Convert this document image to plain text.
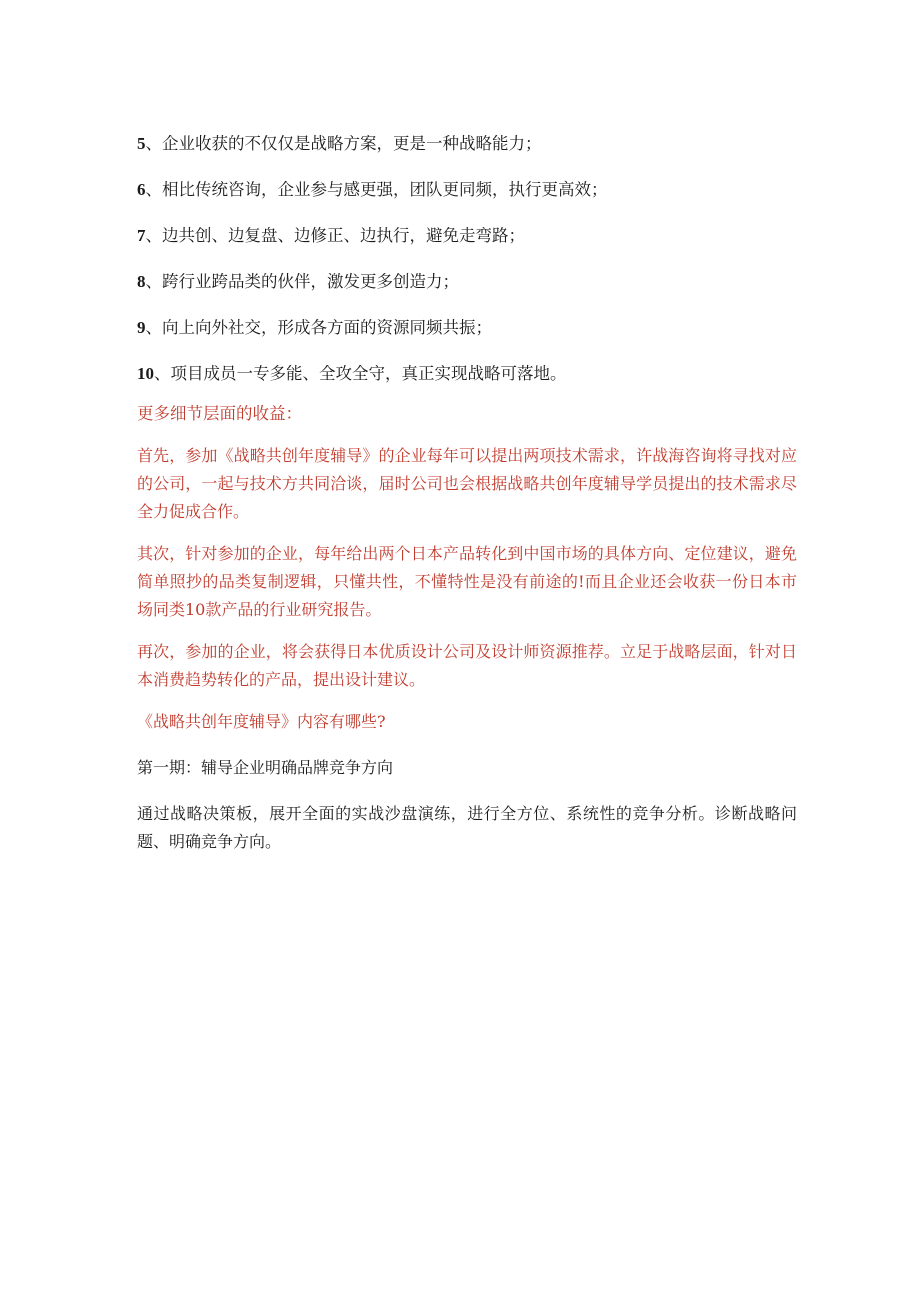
5、企业收获的不仅仅是战略方案，更是一种战略能力；

6、相比传统咨询，企业参与感更强，团队更同频，执行更高效；

7、边共创、边复盘、边修正、边执行，避免走弯路；

8、跨行业跨品类的伙伴，激发更多创造力；

9、向上向外社交，形成各方面的资源同频共振；

10、项目成员一专多能、全攻全守，真正实现战略可落地。

更多细节层面的收益：

首先，参加《战略共创年度辅导》的企业每年可以提出两项技术需求，许战海咨询将寻找对应的公司，一起与技术方共同洽谈，届时公司也会根据战略共创年度辅导学员提出的技术需求尽全力促成合作。

其次，针对参加的企业，每年给出两个日本产品转化到中国市场的具体方向、定位建议，避免简单照抄的品类复制逻辑，只懂共性，不懂特性是没有前途的!而且企业还会收获一份日本市场同类10款产品的行业研究报告。

再次，参加的企业，将会获得日本优质设计公司及设计师资源推荐。立足于战略层面，针对日本消费趋势转化的产品，提出设计建议。

《战略共创年度辅导》内容有哪些?

第一期：辅导企业明确品牌竞争方向

通过战略决策板，展开全面的实战沙盘演练，进行全方位、系统性的竞争分析。诊断战略问题、明确竞争方向。
